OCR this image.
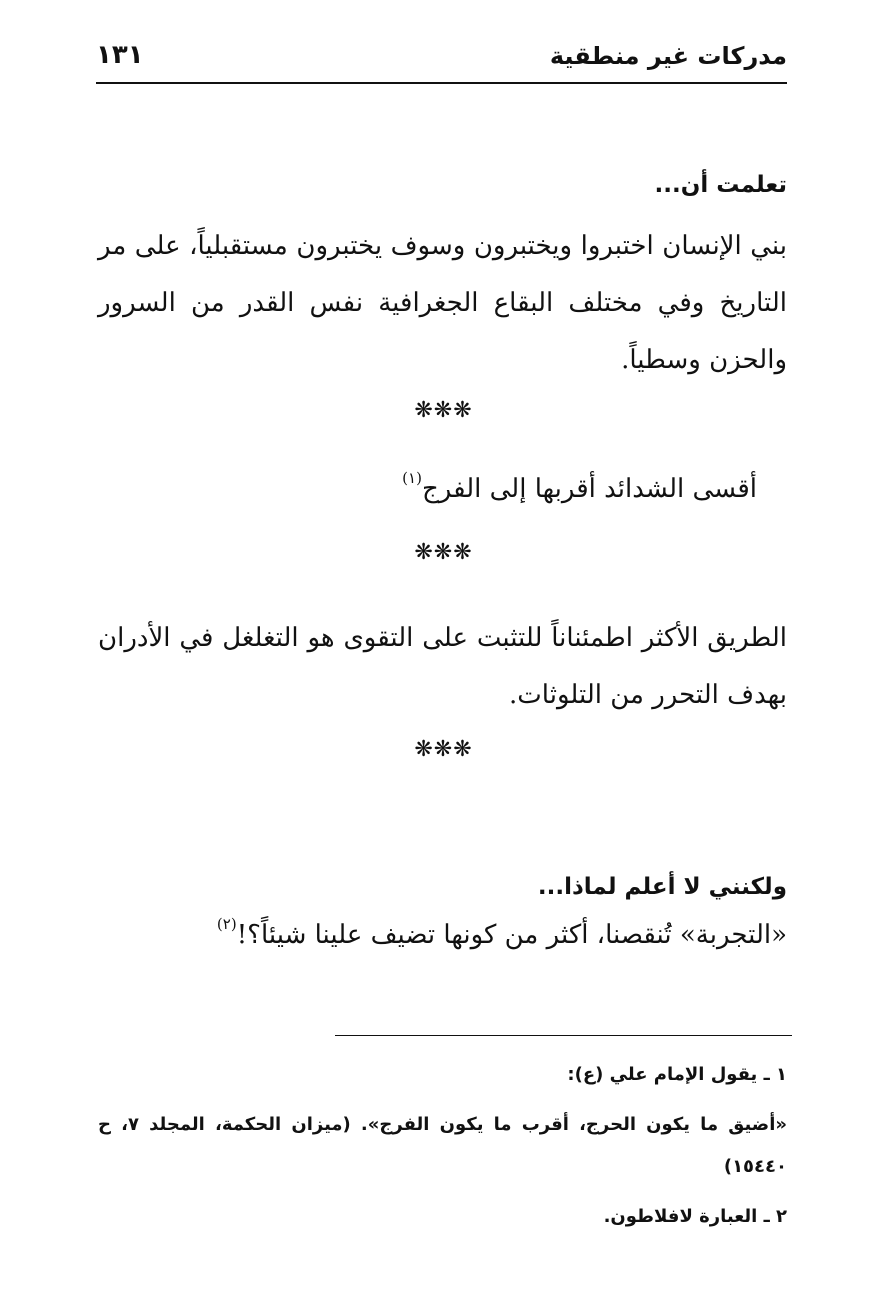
مدركات غير منطقية
١٣١
تعلمت أن...
بني الإنسان اختبروا ويختبرون وسوف يختبرون مستقبلياً، على مر التاريخ وفي مختلف البقاع الجغرافية نفس القدر من السرور والحزن وسطياً.
❋❋❋
أقسى الشدائد أقربها إلى الفرج$^{(١)}$
❋❋❋
الطريق الأكثر اطمئناناً للتثبت على التقوى هو التغلغل في الأدران بهدف التحرر من التلوثات.
❋❋❋
ولكنني لا أعلم لماذا...
«التجربة» تُنقصنا، أكثر من كونها تضيف علينا شيئاً؟!$^{(٢)}$
١ ـ يقول الإمام علي (ع):
«أضيق ما يكون الحرج، أقرب ما يكون الفرج». (ميزان الحكمة، المجلد ٧، ح ١٥٤٤٠)
٢ ـ العبارة لافلاطون.
